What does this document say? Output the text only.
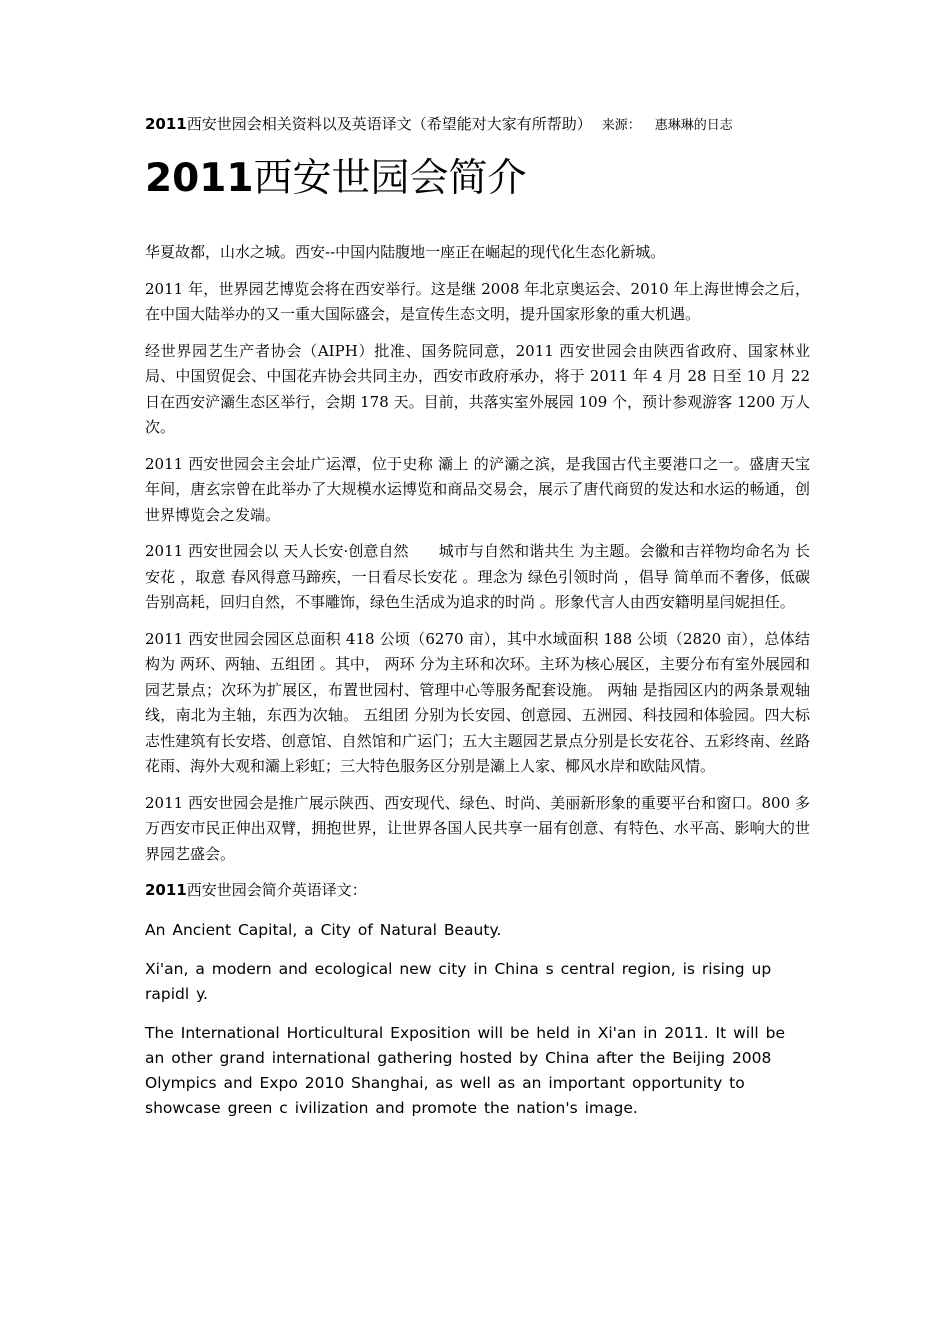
2011西安世园会相关资料以及英语译文（希望能对大家有所帮助） 来源： 惠琳琳的日志
2011西安世园会简介

华夏故都，山水之城。西安--中国内陆腹地一座正在崛起的现代化生态化新城。

2011 年，世界园艺博览会将在西安举行。这是继 2008 年北京奥运会、2010 年上海世博会之后，在中国大陆举办的又一重大国际盛会，是宣传生态文明，提升国家形象的重大机遇。

经世界园艺生产者协会（AIPH）批准、国务院同意，2011 西安世园会由陕西省政府、国家林业局、中国贸促会、中国花卉协会共同主办，西安市政府承办，将于 2011 年 4 月 28 日至 10 月 22 日在西安浐灞生态区举行，会期 178 天。目前，共落实室外展园 109 个，预计参观游客 1200 万人次。

2011 西安世园会主会址广运潭，位于史称 灞上 的浐灞之滨，是我国古代主要港口之一。盛唐天宝年间，唐玄宗曾在此举办了大规模水运博览和商品交易会，展示了唐代商贸的发达和水运的畅通，创世界博览会之发端。

2011 西安世园会以 天人长安·创意自然　　城市与自然和谐共生 为主题。会徽和吉祥物均命名为 长安花 ，取意 春风得意马蹄疾，一日看尽长安花 。理念为 绿色引领时尚 ，倡导 简单而不奢侈，低碳告别高耗，回归自然，不事雕饰，绿色生活成为追求的时尚 。形象代言人由西安籍明星闫妮担任。

2011 西安世园会园区总面积 418 公顷（6270 亩），其中水域面积 188 公顷（2820 亩），总体结构为 两环、两轴、五组团 。其中， 两环 分为主环和次环。主环为核心展区，主要分布有室外展园和园艺景点；次环为扩展区，布置世园村、管理中心等服务配套设施。 两轴 是指园区内的两条景观轴线，南北为主轴，东西为次轴。 五组团 分别为长安园、创意园、五洲园、科技园和体验园。四大标志性建筑有长安塔、创意馆、自然馆和广运门；五大主题园艺景点分别是长安花谷、五彩终南、丝路花雨、海外大观和灞上彩虹；三大特色服务区分别是灞上人家、椰风水岸和欧陆风情。

2011 西安世园会是推广展示陕西、西安现代、绿色、时尚、美丽新形象的重要平台和窗口。800 多万西安市民正伸出双臂，拥抱世界，让世界各国人民共享一届有创意、有特色、水平高、影响大的世界园艺盛会。

2011西安世园会简介英语译文：

An Ancient Capital, a City of Natural Beauty.

Xi'an, a modern and ecological new city in China s central region, is rising up rapidl y.

The International Horticultural Exposition will be held in Xi'an in 2011. It will be an other grand international gathering hosted by China after the Beijing 2008 Olympics and Expo 2010 Shanghai, as well as an important opportunity to showcase green c ivilization and promote the nation's image.
